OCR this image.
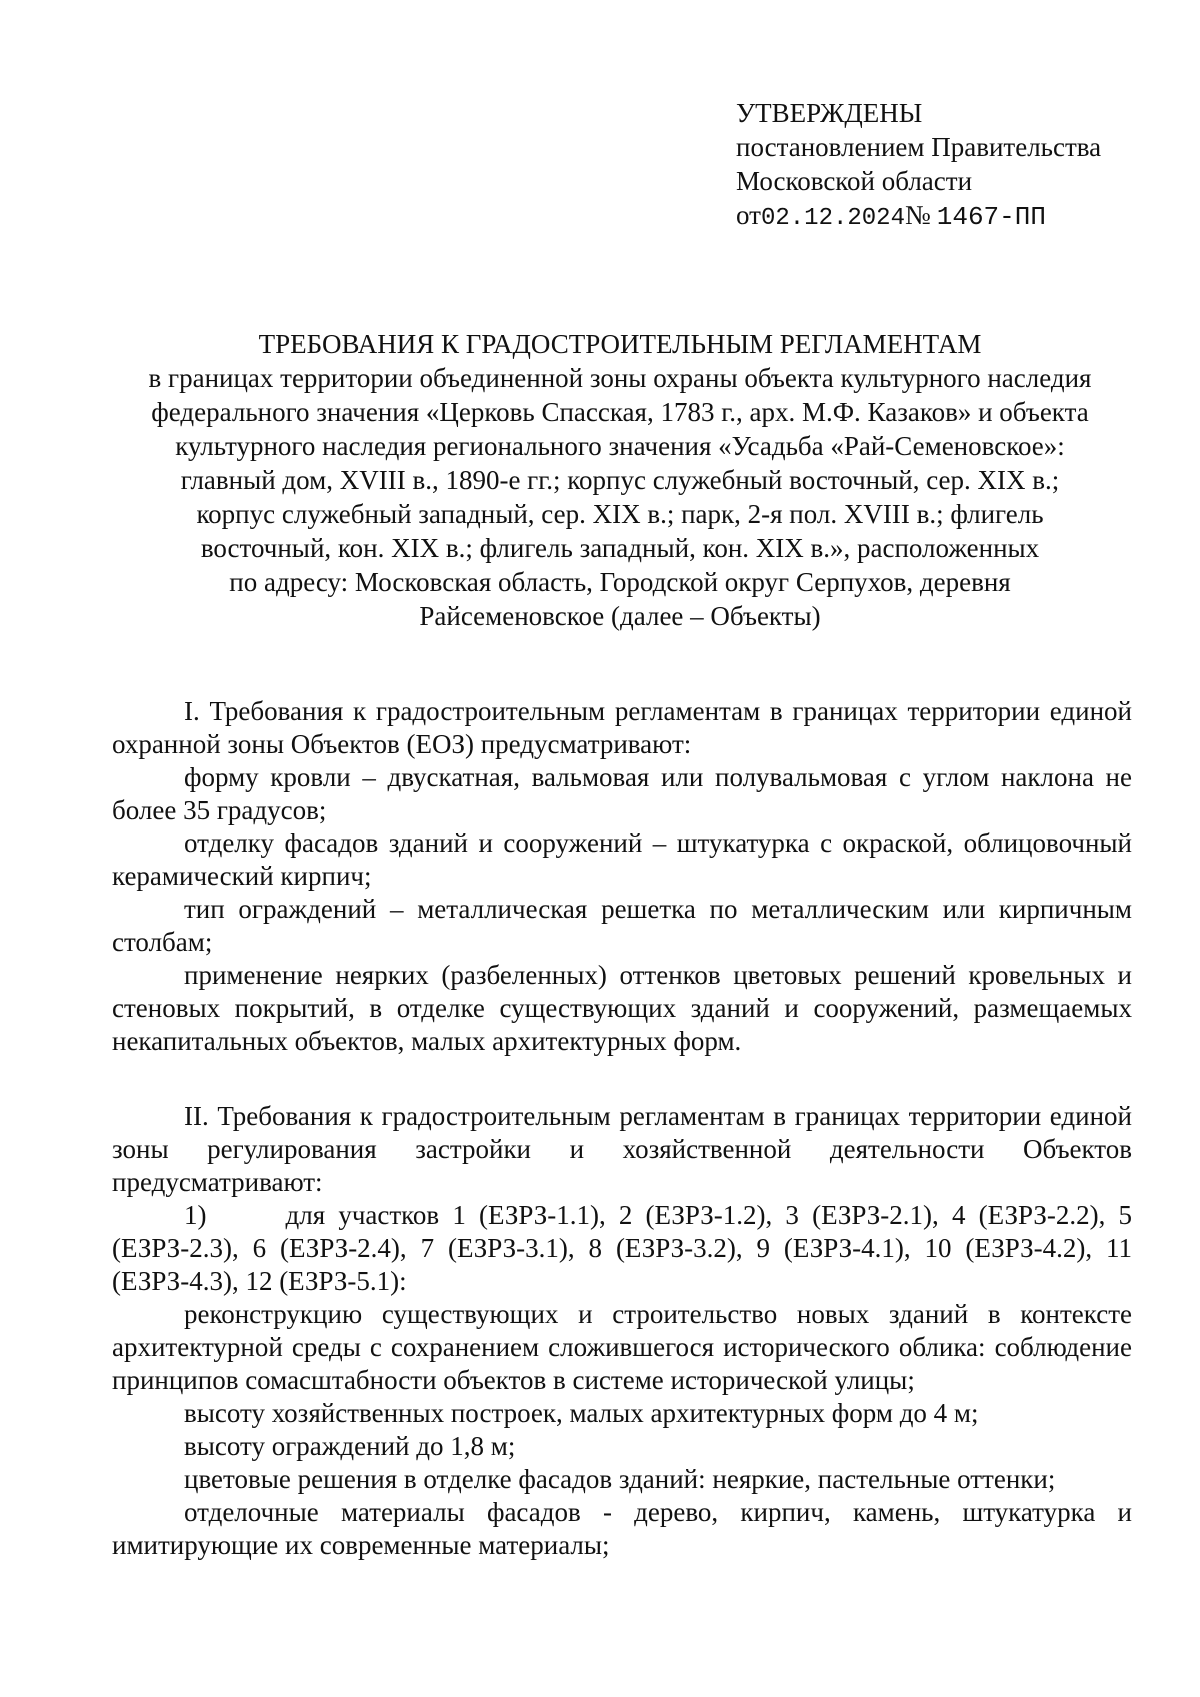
УТВЕРЖДЕНЫ
постановлением Правительства
Московской области
от02.12.2024№ 1467-ПП
ТРЕБОВАНИЯ К ГРАДОСТРОИТЕЛЬНЫМ РЕГЛАМЕНТАМ
в границах территории объединенной зоны охраны объекта культурного наследия
федерального значения «Церковь Спасская, 1783 г., арх. М.Ф. Казаков» и объекта
культурного наследия регионального значения «Усадьба «Рай-Семеновское»:
главный дом, XVIII в., 1890-е гг.; корпус служебный восточный, сер. XIX в.;
корпус служебный западный, сер. XIX в.; парк, 2-я пол. XVIII в.; флигель
восточный, кон. XIX в.; флигель западный, кон. XIX в.», расположенных
по адресу: Московская область, Городской округ Серпухов, деревня
Райсеменовское (далее – Объекты)
I. Требования к градостроительным регламентам в границах территории единой охранной зоны Объектов (ЕОЗ) предусматривают:
форму кровли – двускатная, вальмовая или полувальмовая с углом наклона не более 35 градусов;
отделку фасадов зданий и сооружений – штукатурка с окраской, облицовочный керамический кирпич;
тип ограждений – металлическая решетка по металлическим или кирпичным столбам;
применение неярких (разбеленных) оттенков цветовых решений кровельных и стеновых покрытий, в отделке существующих зданий и сооружений, размещаемых некапитальных объектов, малых архитектурных форм.
II. Требования к градостроительным регламентам в границах территории единой зоны регулирования застройки и хозяйственной деятельности Объектов предусматривают:
1)	для участков 1 (ЕЗРЗ-1.1), 2 (ЕЗРЗ-1.2), 3 (ЕЗРЗ-2.1), 4 (ЕЗРЗ-2.2), 5 (ЕЗРЗ-2.3), 6 (ЕЗРЗ-2.4), 7 (ЕЗРЗ-3.1), 8 (ЕЗРЗ-3.2), 9 (ЕЗРЗ-4.1), 10 (ЕЗРЗ-4.2), 11 (ЕЗРЗ-4.3), 12 (ЕЗРЗ-5.1):
реконструкцию существующих и строительство новых зданий в контексте архитектурной среды с сохранением сложившегося исторического облика: соблюдение принципов сомасштабности объектов в системе исторической улицы;
высоту хозяйственных построек, малых архитектурных форм до 4 м;
высоту ограждений до 1,8 м;
цветовые решения в отделке фасадов зданий: неяркие, пастельные оттенки;
отделочные материалы фасадов - дерево, кирпич, камень, штукатурка и имитирующие их современные материалы;
